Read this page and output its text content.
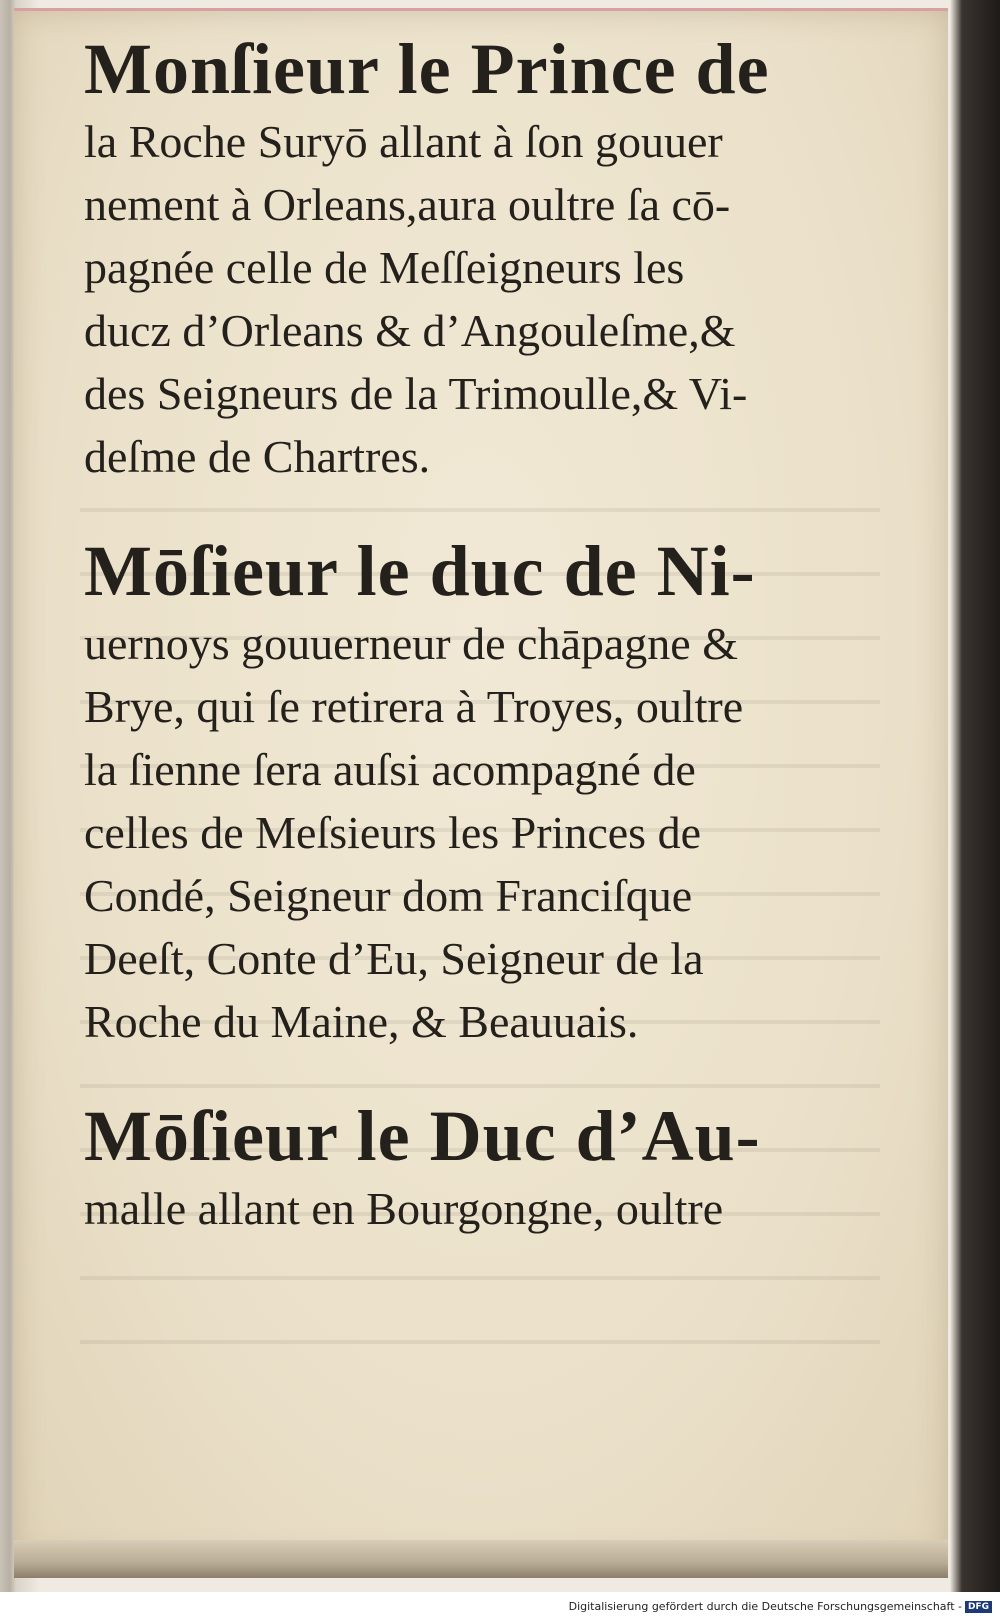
Monſieur le Prince de

la Roche Suryō allant à ſon gouuer
nement à Orleans,aura oultre ſa cō-
pagnée celle de Meſſeigneurs les
ducz d’Orleans & d’Angouleſme,&
des Seigneurs de la Trimoulle,& Vi-
deſme de Chartres.

Mōſieur le duc de Ni-

uernoys gouuerneur de chāpagne &
Brye, qui ſe retirera à Troyes, oultre
la ſienne ſera auſsi acompagné de
celles de Meſsieurs les Princes de
Condé, Seigneur dom Franciſque
Deeſt, Conte d’Eu, Seigneur de la
Roche du Maine, & Beauuais.

Mōſieur le Duc d’Au-

malle allant en Bourgongne, oultre

Digitalisierung gefördert durch die Deutsche Forschungsgemeinschaft - DFG
